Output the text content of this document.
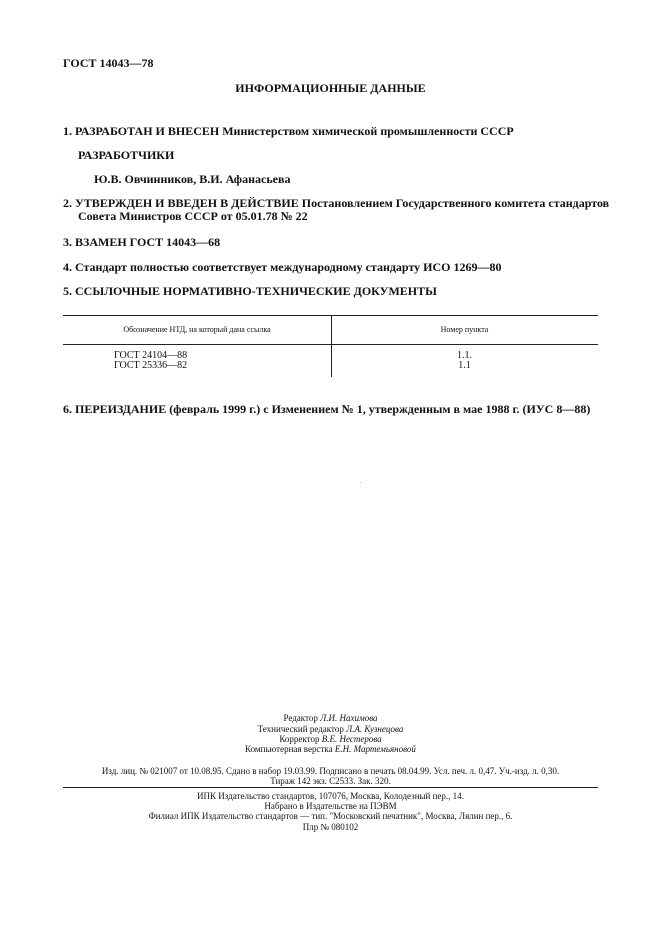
ГОСТ 14043—78
ИНФОРМАЦИОННЫЕ ДАННЫЕ
1. РАЗРАБОТАН И ВНЕСЕН Министерством химической промышленности СССР
РАЗРАБОТЧИКИ
Ю.В. Овчинников, В.И. Афанасьева
2. УТВЕРЖДЕН И ВВЕДЕН В ДЕЙСТВИЕ Постановлением Государственного комитета стандартов
Совета Министров СССР от 05.01.78 № 22
3. ВЗАМЕН ГОСТ 14043—68
4. Стандарт полностью соответствует международному стандарту ИСО 1269—80
5. ССЫЛОЧНЫЕ НОРМАТИВНО-ТЕХНИЧЕСКИЕ ДОКУМЕНТЫ
Обозначение НТД, на который дана ссылка	Номер пункта
ГОСТ 24104—88	1.1.
ГОСТ 25336—82	1.1
6. ПЕРЕИЗДАНИЕ (февраль 1999 г.) с Изменением № 1, утвержденным в мае 1988 г. (ИУС 8—88)
Редактор Л.И. Нахимова
Технический редактор Л.А. Кузнецова
Корректор В.Е. Нестерова
Компьютерная верстка Е.Н. Мартемьяновой
Изд. лиц. № 021007 от 10.08.95. Сдано в набор 19.03.99. Подписано в печать 08.04.99. Усл. печ. л. 0,47. Уч.-изд. л. 0,30.
Тираж 142 экз. С2533. Зак. 320.
ИПК Издательство стандартов, 107076, Москва, Колодезный пер., 14.
Набрано в Издательстве на ПЭВМ
Филиал ИПК Издательство стандартов — тип. "Московский печатник", Москва, Лялин пер., 6.
Плр № 080102
